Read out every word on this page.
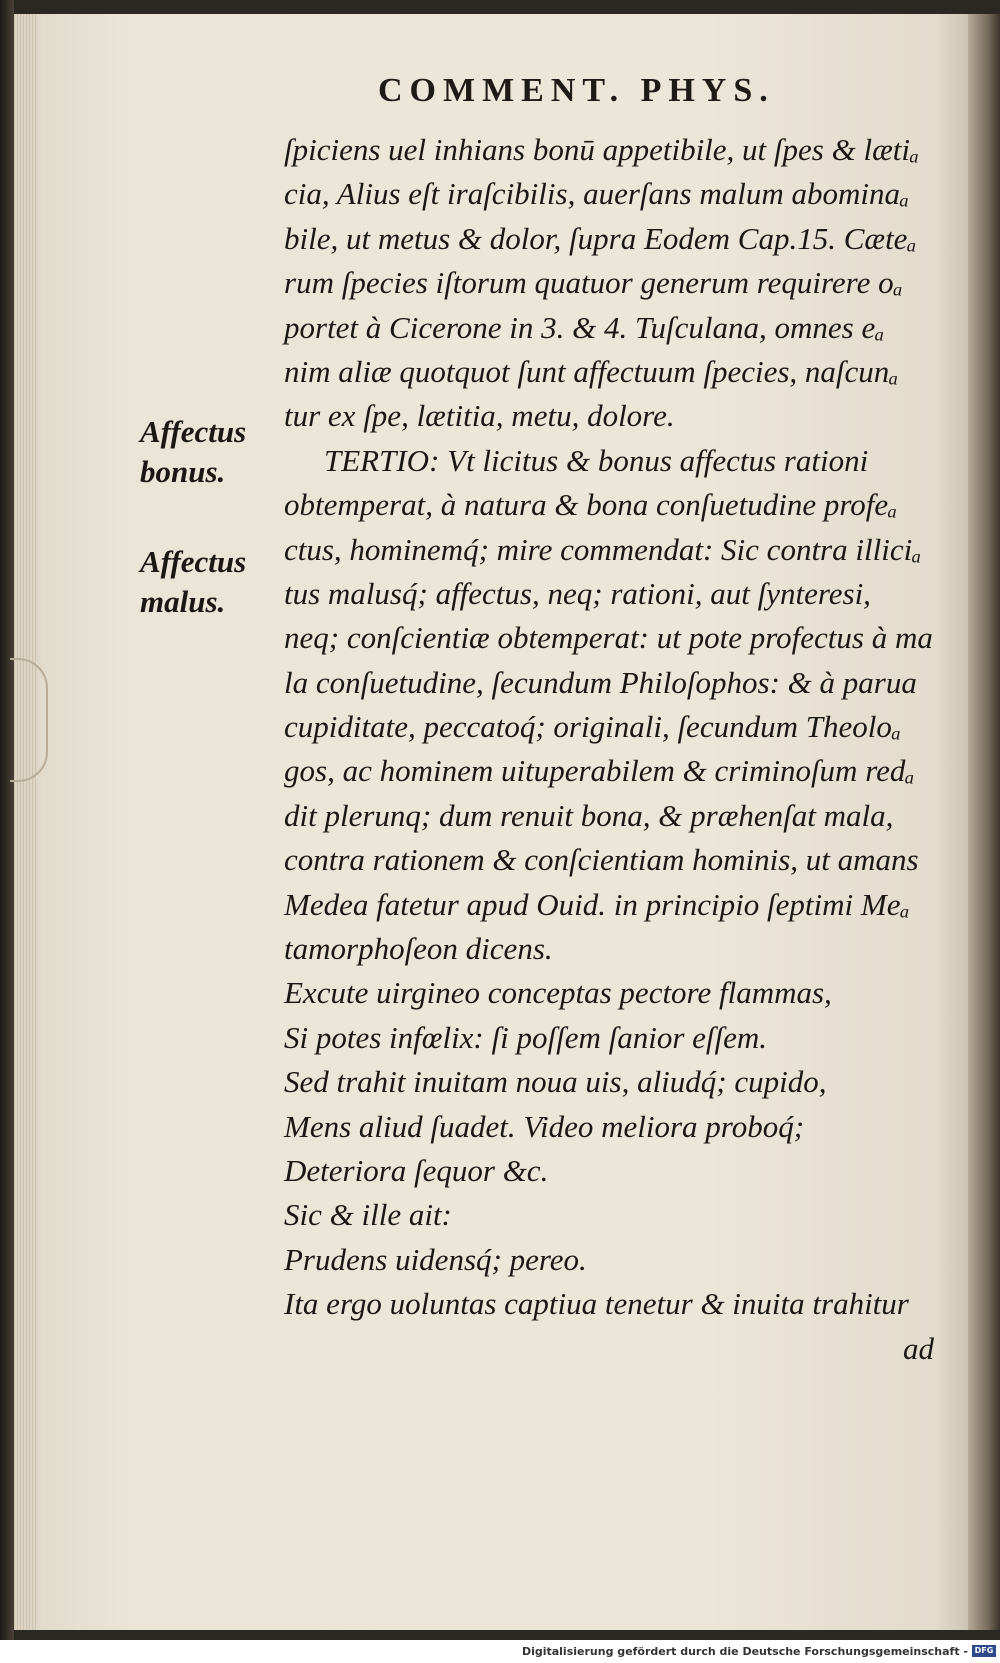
COMMENT. PHYS.
Affectus
bonus.
Affectus
malus.
ſpiciens uel inhians bonū appetibile, ut ſpes & lætiₐ
cia, Alius eſt iraſcibilis, auerſans malum abominaₐ
bile, ut metus & dolor, ſupra Eodem Cap.15. Cæteₐ
rum ſpecies iſtorum quatuor generum requirere oₐ
portet à Cicerone in 3. & 4. Tuſculana, omnes eₐ
nim aliæ quotquot ſunt affectuum ſpecies, naſcunₐ
tur ex ſpe, lætitia, metu, dolore.
TERTIO: Vt licitus & bonus affectus rationi
obtemperat, à natura & bona conſuetudine profeₐ
ctus, hominemq́; mire commendat: Sic contra illiciₐ
tus malusq́; affectus, neq; rationi, aut ſynteresi,
neq; conſcientiæ obtemperat: ut pote profectus à ma
la conſuetudine, ſecundum Philoſophos: & à parua
cupiditate, peccatoq́; originali, ſecundum Theoloₐ
gos, ac hominem uituperabilem & criminoſum redₐ
dit plerunq; dum renuit bona, & præhenſat mala,
contra rationem & conſcientiam hominis, ut amans
Medea fatetur apud Ouid. in principio ſeptimi Meₐ
tamorphoſeon dicens.
Excute uirgineo conceptas pectore flammas,
Si potes infœlix: ſi poſſem ſanior eſſem.
Sed trahit inuitam noua uis, aliudq́; cupido,
Mens aliud ſuadet. Video meliora proboq́;
Deteriora ſequor &c.
Sic & ille ait:
Prudens uidensq́; pereo.
Ita ergo uoluntas captiua tenetur & inuita trahitur
ad
Digitalisierung gefördert durch die Deutsche Forschungsgemeinschaft - DFG
